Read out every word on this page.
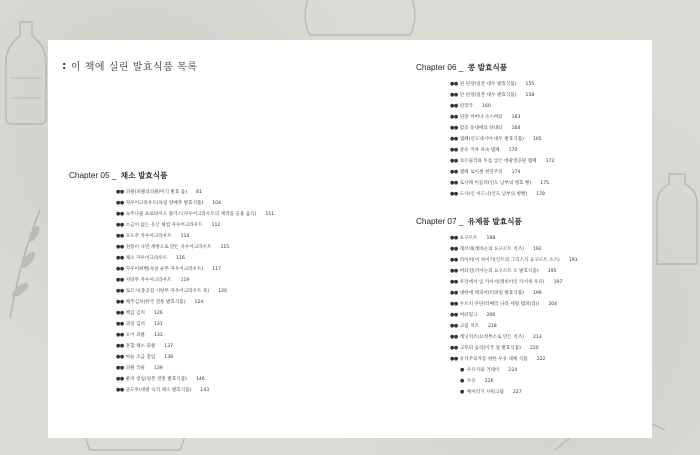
: 이 책에 실린 발효식품 목록
Chapter 05 _ 채소 발효식품
●● 피클(피클의피클/미식 발효 음) 81
●● 자우어크라우트(독일 양배추 발효식품) 104
●● 숙주나물 프로바이오 플러스(자우어크라우트의 제작을 응용 음식) 111
●● 소금이 없는 유산 채염 자우어크라우트 112
●● 포도주 자우어크라우트 114
●● 전통이 나만 세방으로 만든 자우어크라우트 115
●● 채소 자우어크라우트 116
●● 자우어뤼벤(독일 순무 자우어크라우트) 117
●● 사탕무 자우어크라우트 119
●● 토르시(중공업 시탕무 자우어크라우트 죽) 120
●● 배추김치(한국 전통 발효식품) 124
●● 백김 김치 126
●● 과일 김치 131
●● 오이 피클 133
●● 혼합 채소 피클 137
●● 마늘 소금 절임 138
●● 피클 국물 139
●● 쑨지 절임(일본 전통 발효식품) 146
●● 군드루(네팔 숙석 채소 발효식품) 143
Chapter 06 _ 콩 발효식품
●● 된 된장(일본 대두 발효식품) 155
●● 단 된장(일본 대두 발효식품) 158
●● 된장국 160
●● 된장 커버나 소스버터 163
●● 감동 둥대에의 타대터 164
●● 템페(인도네시아 대두 발효식품) 165
●● 중우 국차 파속 템페 170
●● 보르콜리와 두를 넣은 데광영공원 템페 172
●● 템페 로이센 천연주의 174
●● 토사케 이들러(인도 남부의 병효 빵) 175
●● 도사(인 이드니(인도 남부의 병빵) 178
Chapter 07 _ 유제품 발효식품
●● 요구르트 188
●● 래브네(레바논의 요구르트 치즈) 192
●● 라이히(이 차이키(인트의 그리스식 요구르트 소스) 193
●● 버터전(러이논의 요구르트 오 발효식품) 195
●● 우러에서 입 카서서(레비아인 카서세 우유) 197
●● 대한에 케피어(러퍼밀 발효식품) 199
●● 두르치 쿠단(티베리 다라 세밀 템퍼(리)) 204
●● 버터밀크 206
●● 크림 치즈 218
●● 레닛치즈(요정부소로 만든 치즈) 213
●● 크무피 음리(이국 걸 발효식품) 220
●● 유식주의자를 위한 우유 대체 식품 222
● 우유사와 거래이 224
● 두유 226
● 베어러기 사워크림 227
